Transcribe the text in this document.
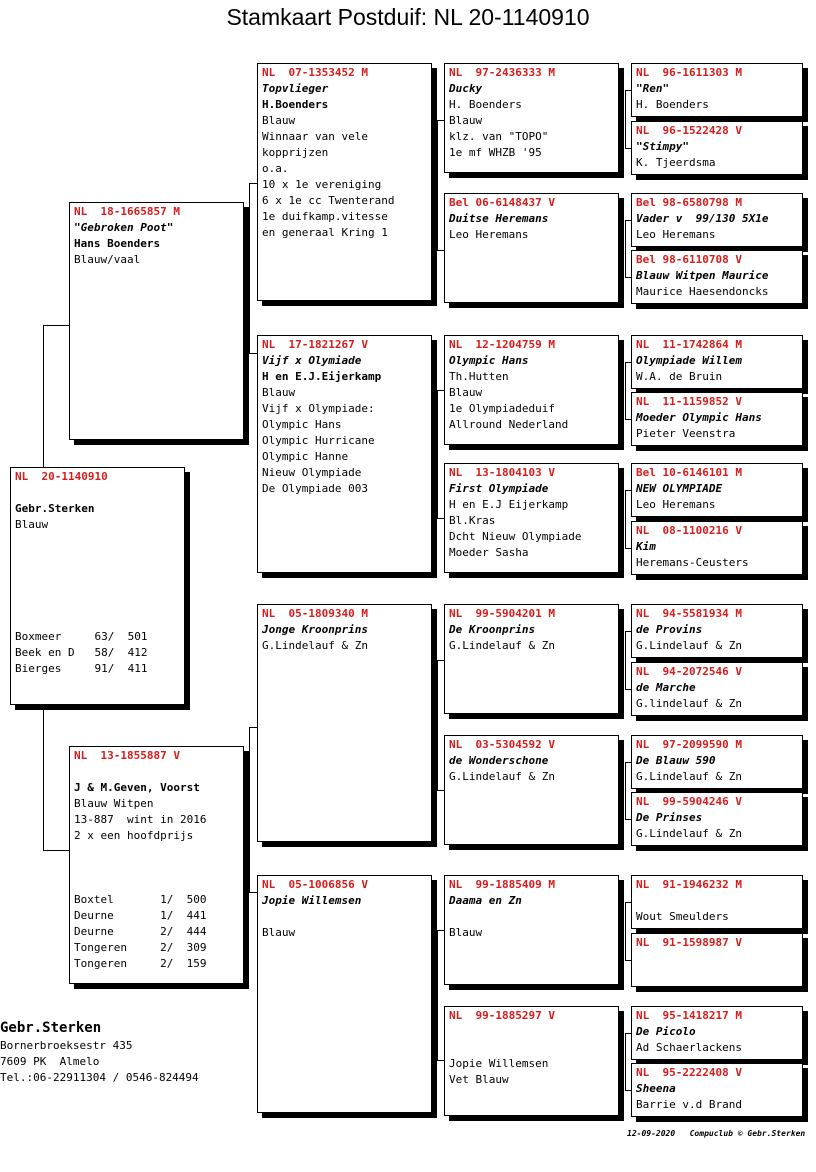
Stamkaart Postduif: NL 20-1140910
NL  20-1140910
Gebr.Sterken
Blauw
Boxmeer     63/  501
Beek en D   58/  412
Bierges     91/  411
NL  18-1665857 M
"Gebroken Poot"
Hans Boenders
Blauw/vaal
NL  13-1855887 V
J & M.Geven, Voorst
Blauw Witpen
13-887  wint in 2016
2 x een hoofdprijs
Boxtel       1/  500
Deurne       1/  441
Deurne       2/  444
Tongeren     2/  309
Tongeren     2/  159
NL  07-1353452 M
Topvlieger
H.Boenders
Blauw
Winnaar van vele
kopprijzen
o.a.
10 x 1e vereniging
6 x 1e cc Twenterand
1e duifkamp.vitesse
en generaal Kring 1
NL  17-1821267 V
Vijf x Olymiade
H en E.J.Eijerkamp
Blauw
Vijf x Olympiade:
Olympic Hans
Olympic Hurricane
Olympic Hanne
Nieuw Olympiade
De Olympiade 003
NL  05-1809340 M
Jonge Kroonprins
G.Lindelauf & Zn
NL  05-1006856 V
Jopie Willemsen
Blauw
NL  97-2436333 M
Ducky
H. Boenders
Blauw
klz. van "TOPO"
1e mf WHZB '95
Bel 06-6148437 V
Duitse Heremans
Leo Heremans
NL  12-1204759 M
Olympic Hans
Th.Hutten
Blauw
1e Olympiadeduif
Allround Nederland
NL  13-1804103 V
First Olympiade
H en E.J Eijerkamp
Bl.Kras
Dcht Nieuw Olympiade
Moeder Sasha
NL  99-5904201 M
De Kroonprins
G.Lindelauf & Zn
NL  03-5304592 V
de Wonderschone
G.Lindelauf & Zn
NL  99-1885409 M
Daama en Zn
Blauw
NL  99-1885297 V
Jopie Willemsen
Vet Blauw
NL  96-1611303 M
"Ren"
H. Boenders
NL  96-1522428 V
"Stimpy"
K. Tjeerdsma
Bel 98-6580798 M
Vader v  99/130 5X1e
Leo Heremans
Bel 98-6110708 V
Blauw Witpen Maurice
Maurice Haesendoncks
NL  11-1742864 M
Olympiade Willem
W.A. de Bruin
NL  11-1159852 V
Moeder Olympic Hans
Pieter Veenstra
Bel 10-6146101 M
NEW OLYMPIADE
Leo Heremans
NL  08-1100216 V
Kim
Heremans-Ceusters
NL  94-5581934 M
de Provins
G.Lindelauf & Zn
NL  94-2072546 V
de Marche
G.lindelauf & Zn
NL  97-2099590 M
De Blauw 590
G.Lindelauf & Zn
NL  99-5904246 V
De Prinses
G.Lindelauf & Zn
NL  91-1946232 M
Wout Smeulders
NL  91-1598987 V
NL  95-1418217 M
De Picolo
Ad Schaerlackens
NL  95-2222408 V
Sheena
Barrie v.d Brand
Gebr.Sterken
Bornerbroeksestr 435
7609 PK  Almelo
Tel.:06-22911304 / 0546-824494
12-09-2020   Compuclub © Gebr.Sterken
